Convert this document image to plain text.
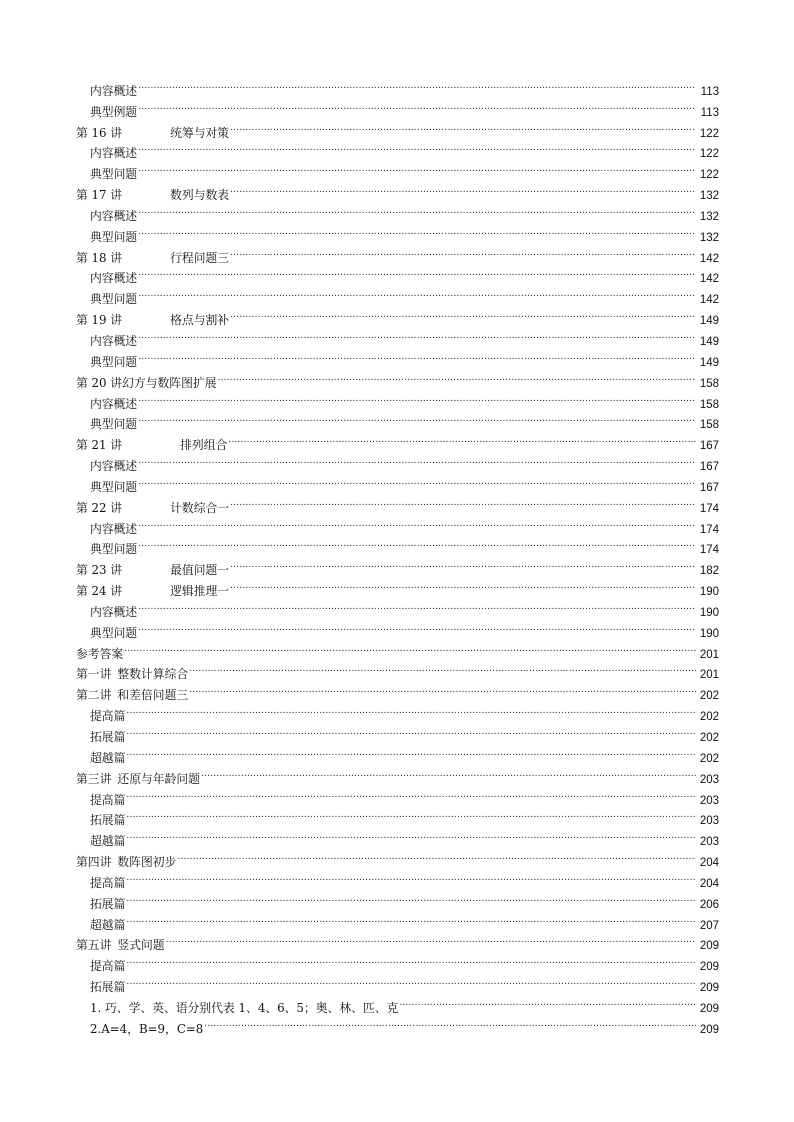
内容概述 .....	113
典型例题 .....	113
第 16 讲	统筹与对策 .....	122
内容概述 .....	122
典型问题 .....	122
第 17 讲	数列与数表 .....	132
内容概述 .....	132
典型问题 .....	132
第 18 讲	行程问题三 .....	142
内容概述 .....	142
典型问题 .....	142
第 19 讲	格点与割补 .....	149
内容概述 .....	149
典型问题 .....	149
第 20 讲 幻方与数阵图扩展 .....	158
内容概述 .....	158
典型问题 .....	158
第 21 讲	排列组合 .....	167
内容概述 .....	167
典型问题 .....	167
第 22 讲	计数综合一 .....	174
内容概述 .....	174
典型问题 .....	174
第 23 讲	最值问题一 .....	182
第 24 讲	逻辑推理一 .....	190
内容概述 .....	190
典型问题 .....	190
参考答案 .....	201
第一讲 整数计算综合 .....	201
第二讲 和差倍问题三 .....	202
提高篇 .....	202
拓展篇 .....	202
超越篇 .....	202
第三讲 还原与年龄问题 .....	203
提高篇 .....	203
拓展篇 .....	203
超越篇 .....	203
第四讲 数阵图初步 .....	204
提高篇 .....	204
拓展篇 .....	206
超越篇 .....	207
第五讲 竖式问题 .....	209
提高篇 .....	209
拓展篇 .....	209
1. 巧、学、英、语分别代表 1、4、6、5；奥、林、匹、克 .....	209
2.A=4，B=9，C=8 .....	209
